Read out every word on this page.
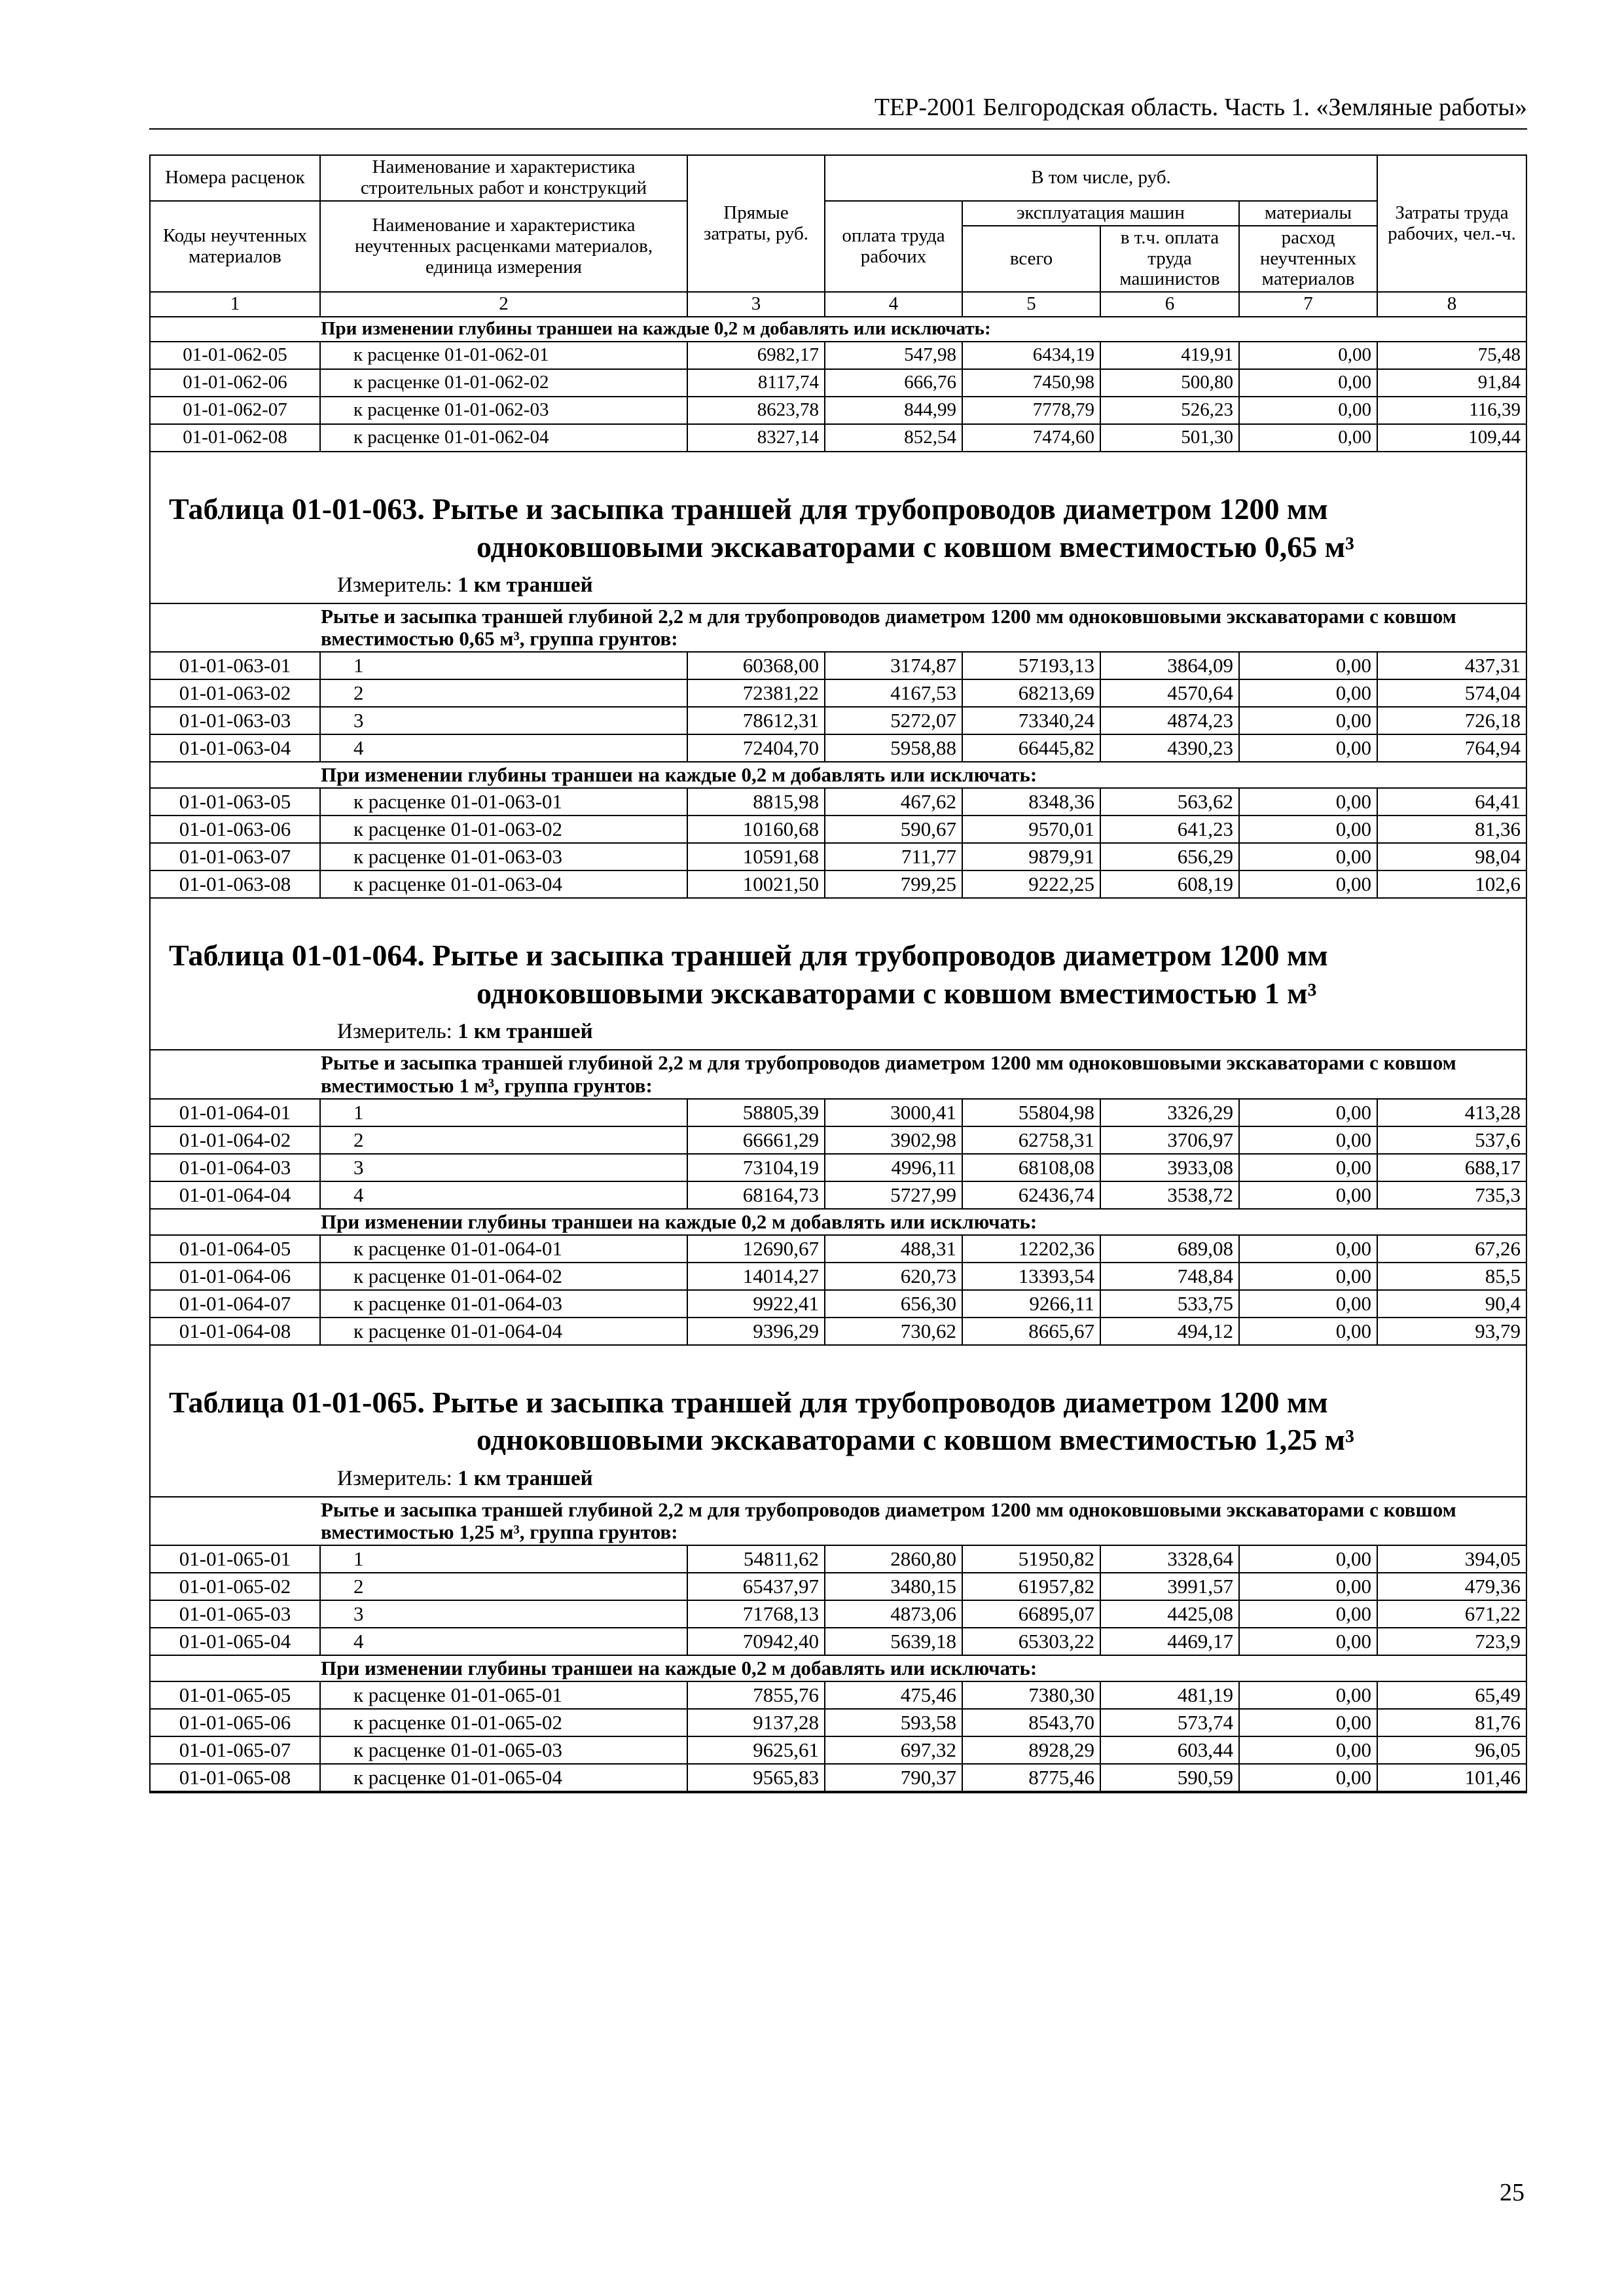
ТЕР-2001 Белгородская область. Часть 1. «Земляные работы»
Номера расценок	Наименование и характеристика строительных работ и конструкций	Прямые затраты, руб.	В том числе, руб.				Затраты труда рабочих, чел.-ч.
Коды неучтенных материалов	Наименование и характеристика неучтенных расценками материалов, единица измерения		оплата труда рабочих	эксплуатация машин		материалы	
				всего	в т.ч. оплата труда машинистов	расход неучтенных материалов	
1	2	3	4	5	6	7	8
При изменении глубины траншеи на каждые 0,2 м добавлять или исключать:							
01-01-062-05	к расценке 01-01-062-01	6982,17	547,98	6434,19	419,91	0,00	75,48
01-01-062-06	к расценке 01-01-062-02	8117,74	666,76	7450,98	500,80	0,00	91,84
01-01-062-07	к расценке 01-01-062-03	8623,78	844,99	7778,79	526,23	0,00	116,39
01-01-062-08	к расценке 01-01-062-04	8327,14	852,54	7474,60	501,30	0,00	109,44
Таблица 01-01-063. Рытье и засыпка траншей для трубопроводов диаметром 1200 мм
одноковшовыми экскаваторами с ковшом вместимостью 0,65 м³
Измеритель: 1 км траншей
Рытье и засыпка траншей глубиной 2,2 м для трубопроводов диаметром 1200 мм одноковшовыми экскаваторами с ковшом вместимостью 0,65 м³, группа грунтов:							

01-01-063-01	1	60368,00	3174,87	57193,13	3864,09	0,00	437,31
01-01-063-02	2	72381,22	4167,53	68213,69	4570,64	0,00	574,04
01-01-063-03	3	78612,31	5272,07	73340,24	4874,23	0,00	726,18
01-01-063-04	4	72404,70	5958,88	66445,82	4390,23	0,00	764,94
При изменении глубины траншеи на каждые 0,2 м добавлять или исключать:							
01-01-063-05	к расценке 01-01-063-01	8815,98	467,62	8348,36	563,62	0,00	64,41
01-01-063-06	к расценке 01-01-063-02	10160,68	590,67	9570,01	641,23	0,00	81,36
01-01-063-07	к расценке 01-01-063-03	10591,68	711,77	9879,91	656,29	0,00	98,04
01-01-063-08	к расценке 01-01-063-04	10021,50	799,25	9222,25	608,19	0,00	102,6
Таблица 01-01-064. Рытье и засыпка траншей для трубопроводов диаметром 1200 мм
одноковшовыми экскаваторами с ковшом вместимостью 1 м³
Измеритель: 1 км траншей
Рытье и засыпка траншей глубиной 2,2 м для трубопроводов диаметром 1200 мм одноковшовыми экскаваторами с ковшом вместимостью 1 м³, группа грунтов:							

01-01-064-01	1	58805,39	3000,41	55804,98	3326,29	0,00	413,28
01-01-064-02	2	66661,29	3902,98	62758,31	3706,97	0,00	537,6
01-01-064-03	3	73104,19	4996,11	68108,08	3933,08	0,00	688,17
01-01-064-04	4	68164,73	5727,99	62436,74	3538,72	0,00	735,3
При изменении глубины траншеи на каждые 0,2 м добавлять или исключать:							
01-01-064-05	к расценке 01-01-064-01	12690,67	488,31	12202,36	689,08	0,00	67,26
01-01-064-06	к расценке 01-01-064-02	14014,27	620,73	13393,54	748,84	0,00	85,5
01-01-064-07	к расценке 01-01-064-03	9922,41	656,30	9266,11	533,75	0,00	90,4
01-01-064-08	к расценке 01-01-064-04	9396,29	730,62	8665,67	494,12	0,00	93,79
Таблица 01-01-065. Рытье и засыпка траншей для трубопроводов диаметром 1200 мм
одноковшовыми экскаваторами с ковшом вместимостью 1,25 м³
Измеритель: 1 км траншей
Рытье и засыпка траншей глубиной 2,2 м для трубопроводов диаметром 1200 мм одноковшовыми экскаваторами с ковшом вместимостью 1,25 м³, группа грунтов:							

01-01-065-01	1	54811,62	2860,80	51950,82	3328,64	0,00	394,05
01-01-065-02	2	65437,97	3480,15	61957,82	3991,57	0,00	479,36
01-01-065-03	3	71768,13	4873,06	66895,07	4425,08	0,00	671,22
01-01-065-04	4	70942,40	5639,18	65303,22	4469,17	0,00	723,9
При изменении глубины траншеи на каждые 0,2 м добавлять или исключать:							
01-01-065-05	к расценке 01-01-065-01	7855,76	475,46	7380,30	481,19	0,00	65,49
01-01-065-06	к расценке 01-01-065-02	9137,28	593,58	8543,70	573,74	0,00	81,76
01-01-065-07	к расценке 01-01-065-03	9625,61	697,32	8928,29	603,44	0,00	96,05
01-01-065-08	к расценке 01-01-065-04	9565,83	790,37	8775,46	590,59	0,00	101,46
25
